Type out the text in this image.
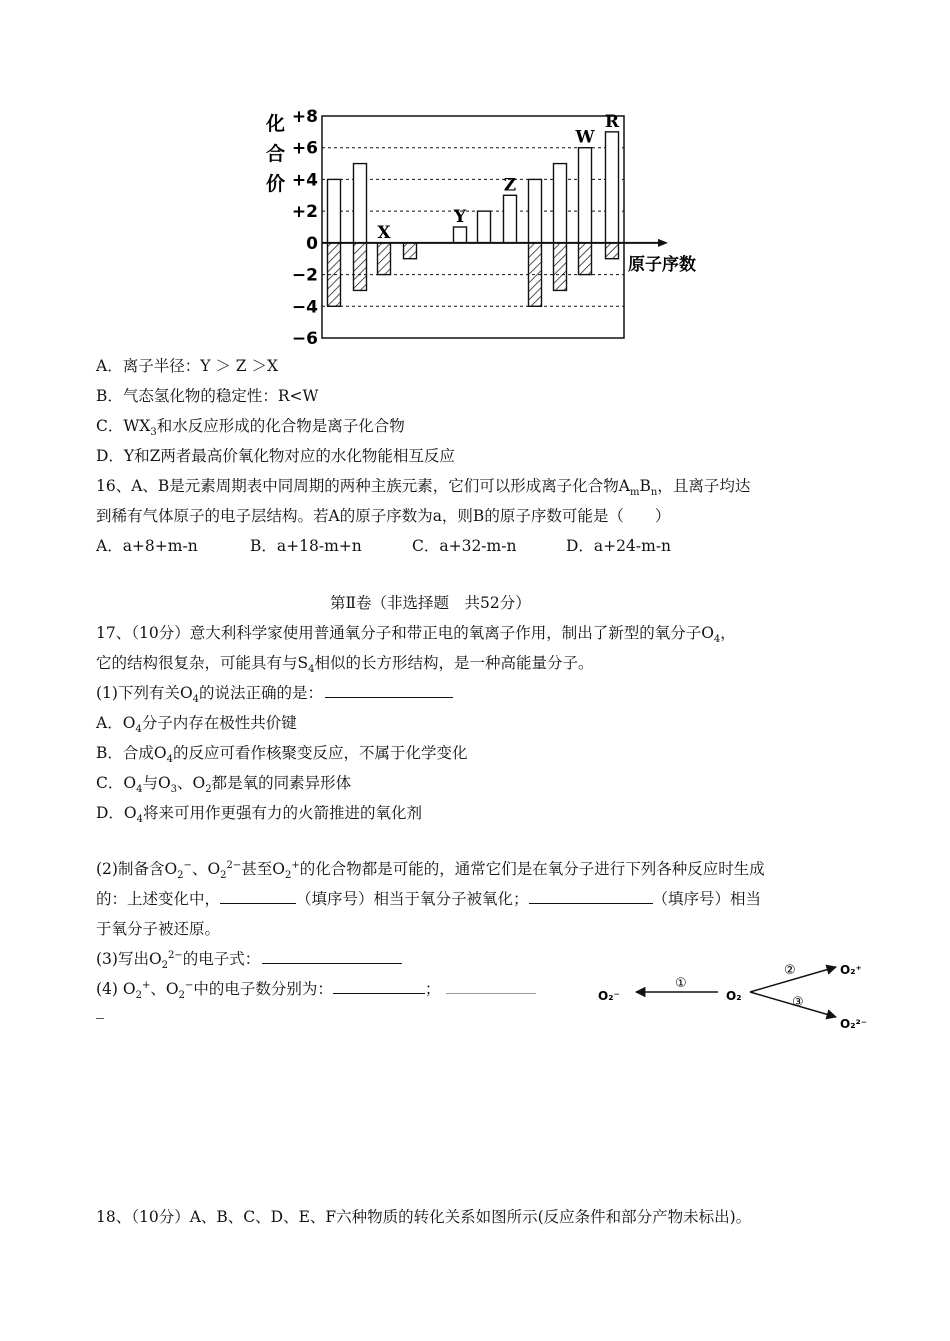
化
合
价
+8
+6
+4
+2
0
−2
−4
−6
X
Y
Z
W
R
原子序数
A．离子半径：Y ＞ Z ＞X
B．气态氢化物的稳定性：R<W
C．$WX_3$和水反应形成的化合物是离子化合物
D．Y和Z两者最高价氧化物对应的水化物能相互反应
16、A、B是元素周期表中同周期的两种主族元素，它们可以形成离子化合物$A_mB_n$，且离子均达
到稀有气体原子的电子层结构。若A的原子序数为a，则B的原子序数可能是（　　）
A．a+8+m-n	B．a+18-m+n	C．a+32-m-n	D．a+24-m-n
第Ⅱ卷（非选择题　共52分）
17、（10分）意大利科学家使用普通氧分子和带正电的氧离子作用，制出了新型的氧分子$O_4$，
它的结构很复杂，可能具有与$S_4$相似的长方形结构，是一种高能量分子。
(1)下列有关$O_4$的说法正确的是：
A．$O_4$分子内存在极性共价键
B．合成$O_4$的反应可看作核聚变反应，不属于化学变化
C．$O_4$与$O_3$、$O_2$都是氧的同素异形体
D．$O_4$将来可用作更强有力的火箭推进的氧化剂
(2)制备含$O_2^-$、$O_2^{2-}$甚至$O_2^+$的化合物都是可能的，通常它们是在氧分子进行下列各种反应时生成
的：上述变化中，	（填序号）相当于氧分子被氧化；	（填序号）相当
于氧分子被还原。
(3)写出$O_2^{2-}$的电子式：
(4) $O_2^+$、$O_2^-$中的电子数分别为：	；	O₂⁻
①
O₂
②
③
O₂⁺
O₂²⁻
18、（10分）A、B、C、D、E、F六种物质的转化关系如图所示(反应条件和部分产物未标出)。
